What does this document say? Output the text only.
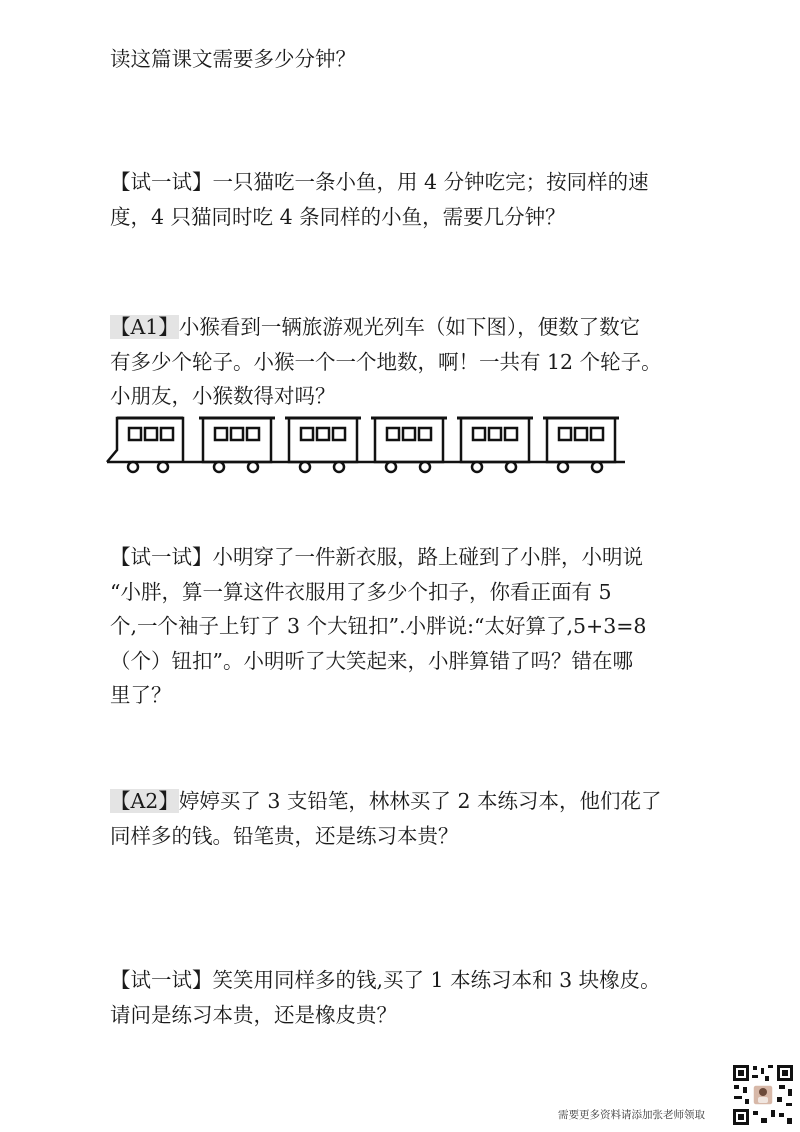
读这篇课文需要多少分钟？

【试一试】一只猫吃一条小鱼，用 4 分钟吃完；按同样的速
度，4 只猫同时吃 4 条同样的小鱼，需要几分钟？

【A1】小猴看到一辆旅游观光列车（如下图），便数了数它
有多少个轮子。小猴一个一个地数，啊！一共有 12 个轮子。
小朋友，小猴数得对吗？

【试一试】小明穿了一件新衣服，路上碰到了小胖，小明说
“小胖，算一算这件衣服用了多少个扣子，你看正面有 5
个,一个袖子上钉了 3 个大钮扣”.小胖说:“太好算了,5+3=8
（个）钮扣”。小明听了大笑起来，小胖算错了吗？错在哪
里了？

【A2】婷婷买了 3 支铅笔，林林买了 2 本练习本，他们花了
同样多的钱。铅笔贵，还是练习本贵？

【试一试】笑笑用同样多的钱,买了 1 本练习本和 3 块橡皮。
请问是练习本贵，还是橡皮贵？

需要更多资料请添加张老师领取
